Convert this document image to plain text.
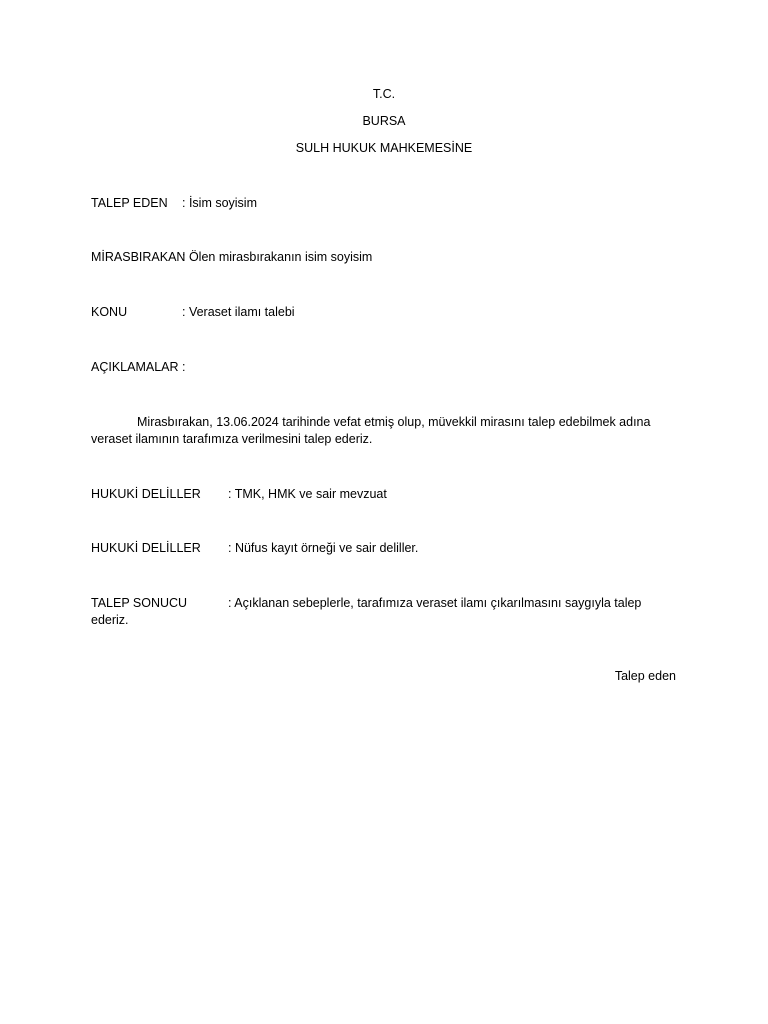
T.C.
BURSA
SULH HUKUK MAHKEMESİNE
TALEP EDEN : İsim soyisim
MİRASBIRAKAN
: Ölen mirasbırakanın isim soyisim
KONU	: Veraset ilamı talebi
AÇIKLAMALAR :
Mirasbırakan, 13.06.2024 tarihinde vefat etmiş olup, müvekkil mirasını talep edebilmek adına
veraset ilamının tarafımıza verilmesini talep ederiz.
HUKUKİ DELİLLER : TMK, HMK ve sair mevzuat
HUKUKİ DELİLLER : Nüfus kayıt örneği ve sair deliller.
TALEP SONUCU	: Açıklanan sebeplerle, tarafımıza veraset ilamı çıkarılmasını saygıyla talep
ederiz.
Talep eden
